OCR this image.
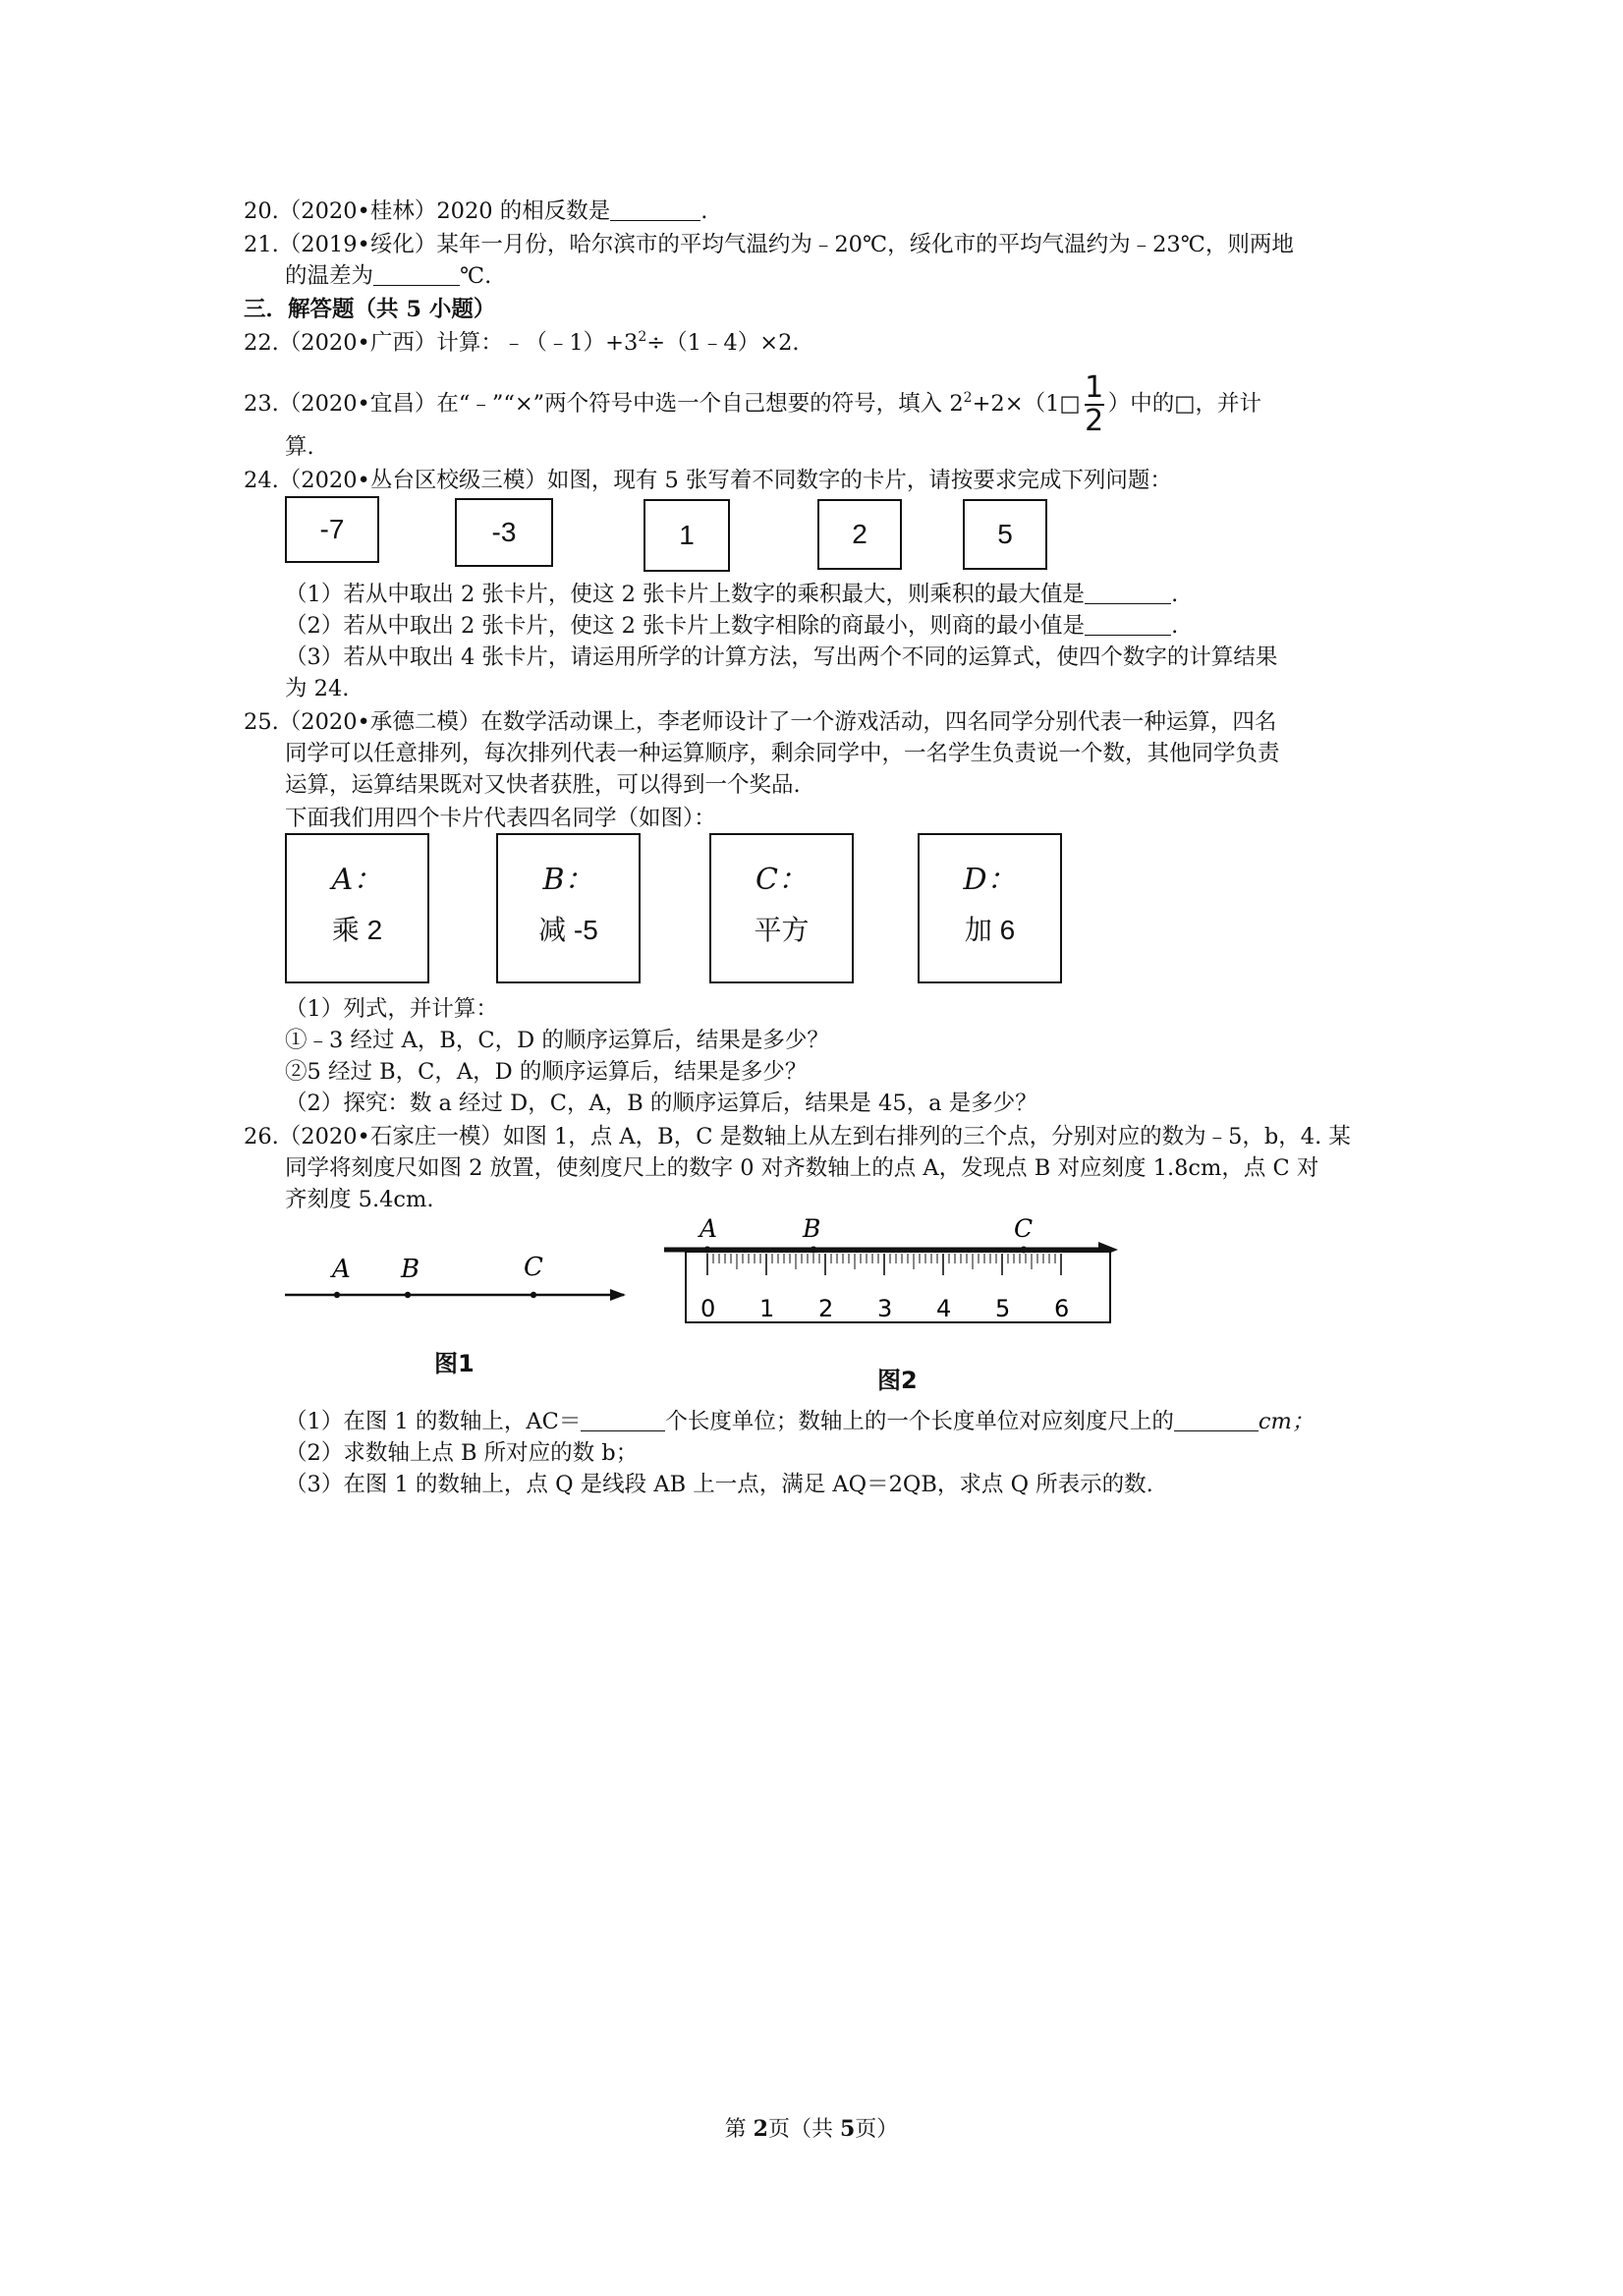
20.（2020•桂林）2020 的相反数是	.
21.（2019•绥化）某年一月份，哈尔滨市的平均气温约为﹣20℃，绥化市的平均气温约为﹣23℃，则两地
的温差为	℃.
三．解答题（共 5 小题）
22.（2020•广西）计算：$﹣(﹣1)+3^2\div(1﹣4)\times 2$.
23.（2020•宜昌）在“﹣”“×”两个符号中选一个自己想要的符号，填入 $2^2+2\times(1□ \frac{1}{2}$ ）中的□，并计
算.
24.（2020•丛台区校级三模）如图，现有 5 张写着不同数字的卡片，请按要求完成下列问题：
-7	-3	1	2	5
（1）若从中取出 2 张卡片，使这 2 张卡片上数字的乘积最大，则乘积的最大值是	.
（2）若从中取出 2 张卡片，使这 2 张卡片上数字相除的商最小，则商的最小值是	.
（3）若从中取出 4 张卡片，请运用所学的计算方法，写出两个不同的运算式，使四个数字的计算结果
为 24.
25.（2020•承德二模）在数学活动课上，李老师设计了一个游戏活动，四名同学分别代表一种运算，四名
同学可以任意排列，每次排列代表一种运算顺序，剩余同学中，一名学生负责说一个数，其他同学负责
运算，运算结果既对又快者获胜，可以得到一个奖品.
下面我们用四个卡片代表四名同学（如图）：
A：
乘 2
B：
减 -5
C：
平方
D：
加 6
（1）列式，并计算：
①﹣3 经过 A，B，C，D 的顺序运算后，结果是多少？
②5 经过 B，C，A，D 的顺序运算后，结果是多少？
（2）探究：数 a 经过 D，C，A，B 的顺序运算后，结果是 45，a 是多少？
26.（2020•石家庄一模）如图 1，点 A，B，C 是数轴上从左到右排列的三个点，分别对应的数为﹣5，b，4. 某
同学将刻度尺如图 2 放置，使刻度尺上的数字 0 对齐数轴上的点 A，发现点 B 对应刻度 1.8cm，点 C 对
齐刻度 5.4cm.
A B	C
图1
0 1 2 3 4 5 6
A	B	C
图2
（1）在图 1 的数轴上，AC＝	个长度单位；数轴上的一个长度单位对应刻度尺上的	cm；
（2）求数轴上点 B 所对应的数 b；
（3）在图 1 的数轴上，点 Q 是线段 AB 上一点，满足 AQ＝2QB，求点 Q 所表示的数.
第 2页（共 5页）
